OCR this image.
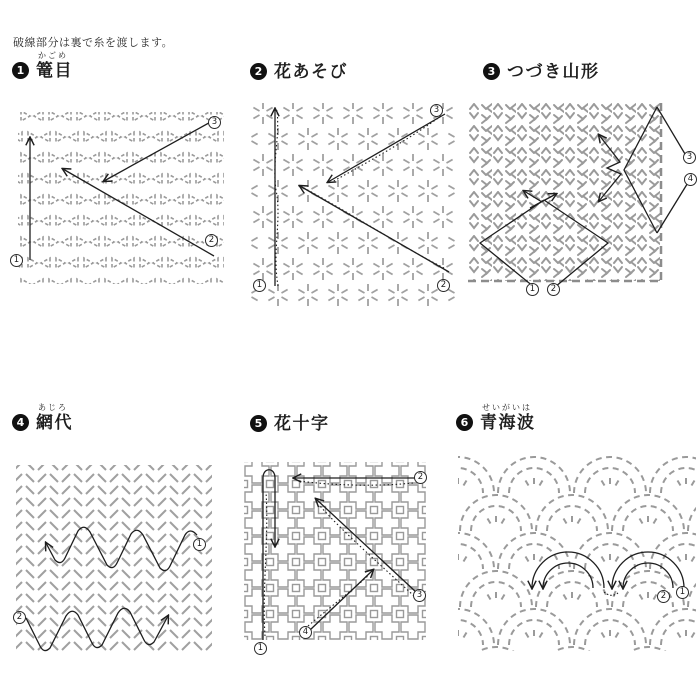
破線部分は裏で糸を渡します。
1
かごめ
篭目	2 花あそび	3 つづき山形
4
あじろ
網代	5 花十字	6
せいがいは
青海波
1
2
3
1	2
3
1	2
3
4
1
2
1
2
3
4
1
2
